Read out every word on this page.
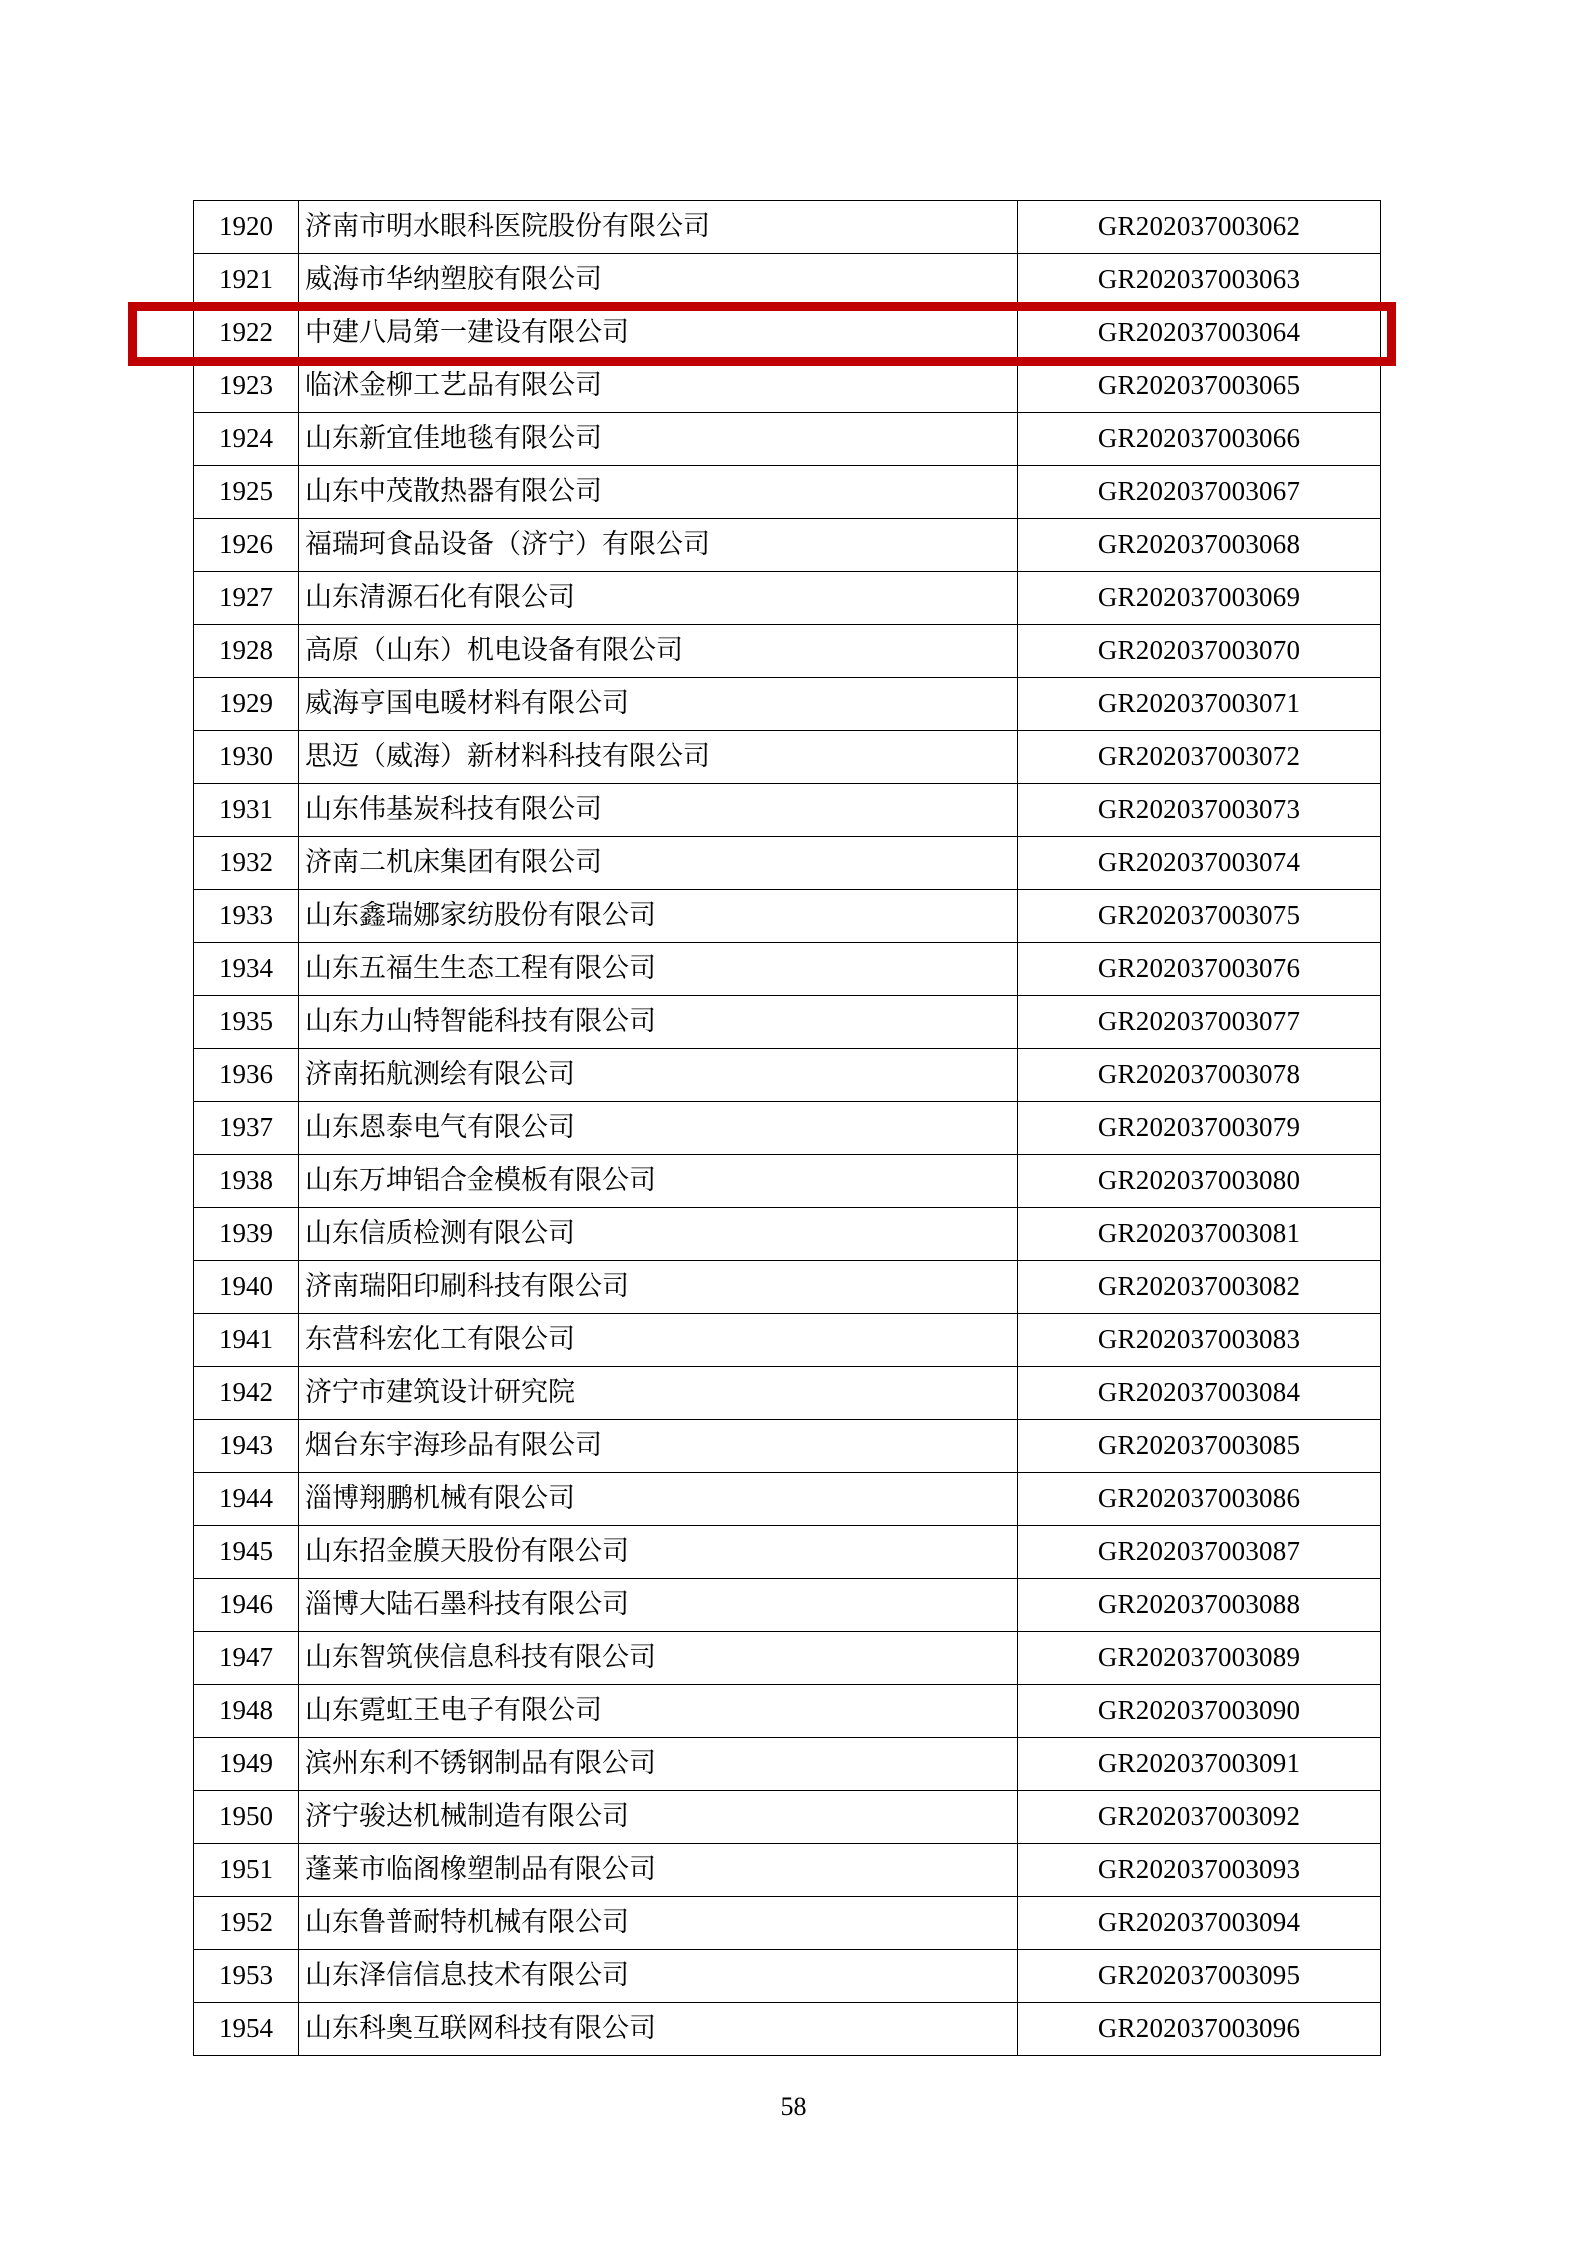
1920	济南市明水眼科医院股份有限公司	GR202037003062
1921	威海市华纳塑胶有限公司	GR202037003063
1922	中建八局第一建设有限公司	GR202037003064
1923	临沭金柳工艺品有限公司	GR202037003065
1924	山东新宜佳地毯有限公司	GR202037003066
1925	山东中茂散热器有限公司	GR202037003067
1926	福瑞珂食品设备（济宁）有限公司	GR202037003068
1927	山东清源石化有限公司	GR202037003069
1928	高原（山东）机电设备有限公司	GR202037003070
1929	威海亨国电暖材料有限公司	GR202037003071
1930	思迈（威海）新材料科技有限公司	GR202037003072
1931	山东伟基炭科技有限公司	GR202037003073
1932	济南二机床集团有限公司	GR202037003074
1933	山东鑫瑞娜家纺股份有限公司	GR202037003075
1934	山东五福生生态工程有限公司	GR202037003076
1935	山东力山特智能科技有限公司	GR202037003077
1936	济南拓航测绘有限公司	GR202037003078
1937	山东恩泰电气有限公司	GR202037003079
1938	山东万坤铝合金模板有限公司	GR202037003080
1939	山东信质检测有限公司	GR202037003081
1940	济南瑞阳印刷科技有限公司	GR202037003082
1941	东营科宏化工有限公司	GR202037003083
1942	济宁市建筑设计研究院	GR202037003084
1943	烟台东宇海珍品有限公司	GR202037003085
1944	淄博翔鹏机械有限公司	GR202037003086
1945	山东招金膜天股份有限公司	GR202037003087
1946	淄博大陆石墨科技有限公司	GR202037003088
1947	山东智筑侠信息科技有限公司	GR202037003089
1948	山东霓虹王电子有限公司	GR202037003090
1949	滨州东利不锈钢制品有限公司	GR202037003091
1950	济宁骏达机械制造有限公司	GR202037003092
1951	蓬莱市临阁橡塑制品有限公司	GR202037003093
1952	山东鲁普耐特机械有限公司	GR202037003094
1953	山东泽信信息技术有限公司	GR202037003095
1954	山东科奥互联网科技有限公司	GR202037003096
58
